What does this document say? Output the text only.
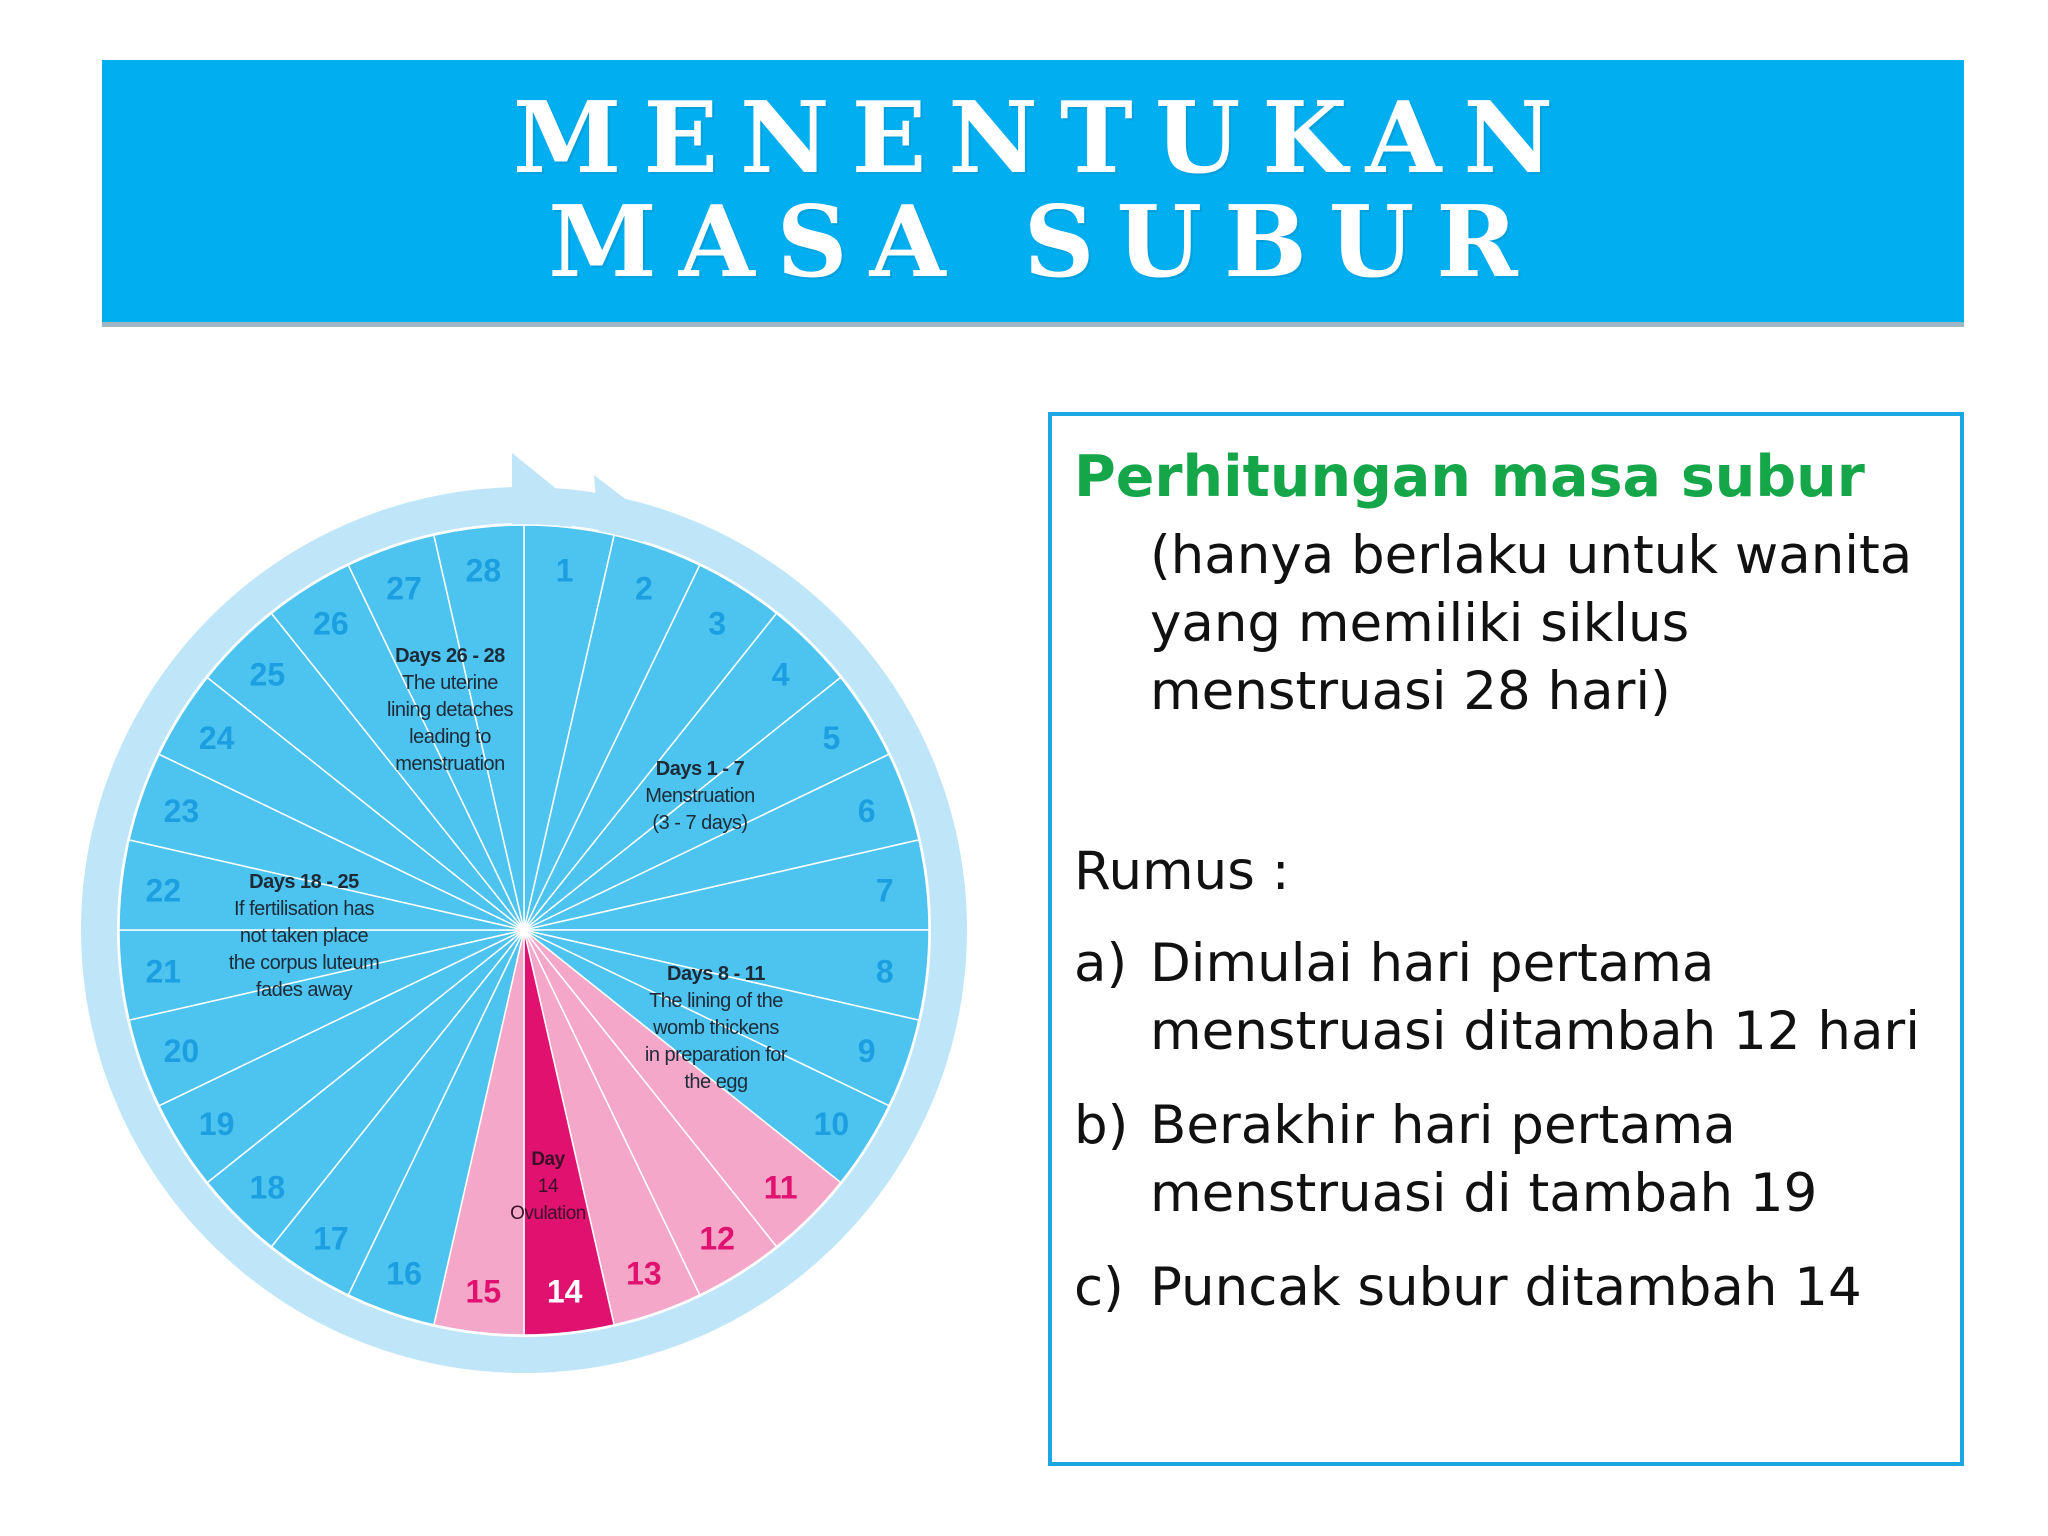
MENENTUKAN
MASA SUBUR
1
2
3
4
5
6
7
8
9
10
11
12
13
14
15
16
17
18
19
20
21
22
23
24
25
26
27
28
Days 26 - 28
The uterine
lining detaches
leading to
menstruation	Days 1 - 7
Menstruation
(3 - 7 days)
Days 18 - 25
If fertilisation has
not taken place
the corpus luteum
fades away
Days 8 - 11
The lining of the
womb thickens
in preparation for
the egg
Day
14
Ovulation
Perhitungan masa subur
(hanya berlaku untuk wanita yang memiliki siklus menstruasi 28 hari)
Rumus :
a) Dimulai hari pertama menstruasi ditambah 12 hari
b) Berakhir hari pertama menstruasi di tambah 19
c) Puncak subur ditambah 14
